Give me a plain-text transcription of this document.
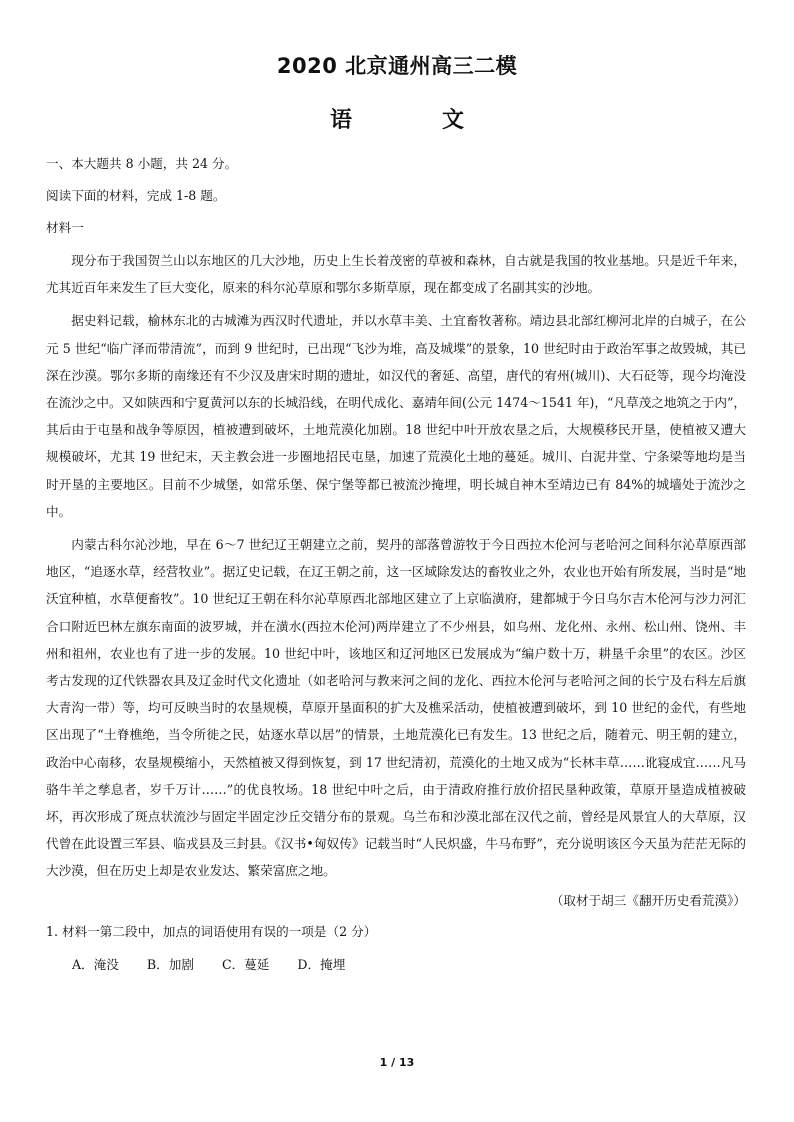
2020 北京通州高三二模
语　文

一、本大题共 8 小题，共 24 分。

阅读下面的材料，完成 1-8 题。

材料一

现分布于我国贺兰山以东地区的几大沙地，历史上生长着茂密的草被和森林，自古就是我国的牧业基地。只是近千年来，尤其近百年来发生了巨大变化，原来的科尔沁草原和鄂尔多斯草原，现在都变成了名副其实的沙地。

据史料记载，榆林东北的古城滩为西汉时代遗址，并以水草丰美、土宜畜牧著称。靖边县北部红柳河北岸的白城子，在公元 5 世纪“临广泽而带清流”，而到 9 世纪时，已出现“飞沙为堆，高及城堞”的景象，10 世纪时由于政治军事之故毁城，其已深在沙漠。鄂尔多斯的南缘还有不少汉及唐宋时期的遗址，如汉代的奢延、高望，唐代的宥州(城川)、大石砭等，现今均淹没在流沙之中。又如陕西和宁夏黄河以东的长城沿线，在明代成化、嘉靖年间(公元 1474～1541 年)，“凡草茂之地筑之于内”，其后由于屯垦和战争等原因，植被遭到破坏，土地荒漠化加剧。18 世纪中叶开放农垦之后，大规模移民开垦，使植被又遭大规模破坏，尤其 19 世纪末，天主教会进一步圈地招民屯垦，加速了荒漠化土地的蔓延。城川、白泥井堂、宁条梁等地均是当时开垦的主要地区。目前不少城堡，如常乐堡、保宁堡等都已被流沙掩埋，明长城自神木至靖边已有 84%的城墙处于流沙之中。

内蒙古科尔沁沙地，早在 6～7 世纪辽王朝建立之前，契丹的部落曾游牧于今日西拉木伦河与老哈河之间科尔沁草原西部地区，“追逐水草，经营牧业”。据辽史记载，在辽王朝之前，这一区域除发达的畜牧业之外，农业也开始有所发展，当时是“地沃宜种植，水草便畜牧”。10 世纪辽王朝在科尔沁草原西北部地区建立了上京临潢府，建都城于今日乌尔吉木伦河与沙力河汇合口附近巴林左旗东南面的波罗城，并在潢水(西拉木伦河)两岸建立了不少州县，如乌州、龙化州、永州、松山州、饶州、丰州和祖州，农业也有了进一步的发展。10 世纪中叶，该地区和辽河地区已发展成为“编户数十万，耕垦千余里”的农区。沙区考古发现的辽代铁器农具及辽金时代文化遗址（如老哈河与教来河之间的龙化、西拉木伦河与老哈河之间的长宁及右科左后旗大青沟一带）等，均可反映当时的农垦规模，草原开垦面积的扩大及樵采活动，使植被遭到破坏，到 10 世纪的金代，有些地区出现了“土脊樵绝，当令所徙之民，姑逐水草以居”的情景，土地荒漠化已有发生。13 世纪之后，随着元、明王朝的建立，政治中心南移，农垦规模缩小，天然植被又得到恢复，到 17 世纪清初，荒漠化的土地又成为“长林丰草……讹寝成宜……凡马骆牛羊之孳息者，岁千万计……”的优良牧场。18 世纪中叶之后，由于清政府推行放价招民垦种政策，草原开垦造成植被破坏，再次形成了斑点状流沙与固定半固定沙丘交错分布的景观。乌兰布和沙漠北部在汉代之前，曾经是风景宜人的大草原，汉代曾在此设置三军县、临戎县及三封县。《汉书•匈奴传》记载当时“人民炽盛，牛马布野”，充分说明该区今天虽为茫茫无际的大沙漠，但在历史上却是农业发达、繁荣富庶之地。

（取材于胡三《翻开历史看荒漠》）

1. 材料一第二段中，加点的词语使用有误的一项是（2 分）

A．淹没 B．加剧 C．蔓延 D．掩埋

1 / 13
